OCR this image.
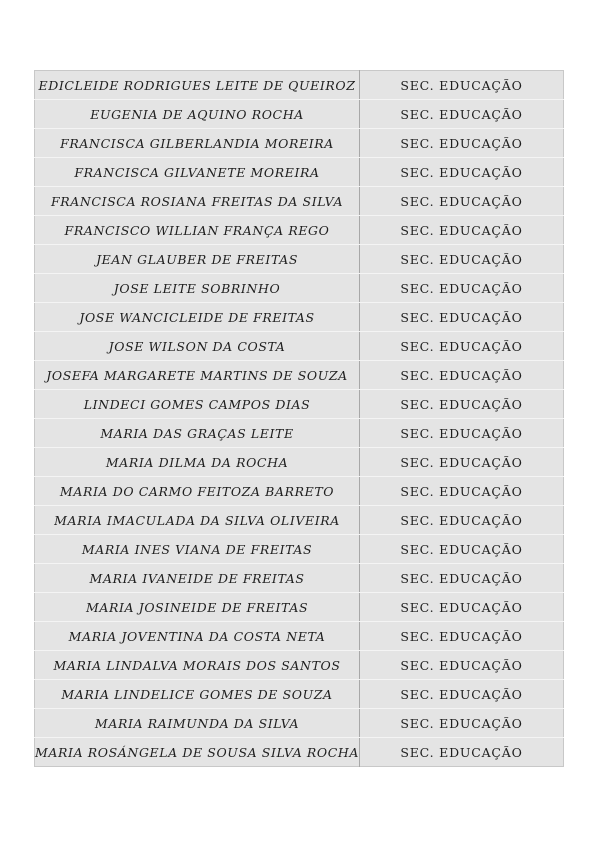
EDICLEIDE RODRIGUES LEITE DE QUEIROZ	SEC. EDUCAÇÃO
EUGENIA DE AQUINO ROCHA	SEC. EDUCAÇÃO
FRANCISCA GILBERLANDIA MOREIRA	SEC. EDUCAÇÃO
FRANCISCA GILVANETE MOREIRA	SEC. EDUCAÇÃO
FRANCISCA ROSIANA FREITAS DA SILVA	SEC. EDUCAÇÃO
FRANCISCO WILLIAN FRANÇA REGO	SEC. EDUCAÇÃO
JEAN GLAUBER DE FREITAS	SEC. EDUCAÇÃO
JOSE LEITE SOBRINHO	SEC. EDUCAÇÃO
JOSE WANCICLEIDE DE FREITAS	SEC. EDUCAÇÃO
JOSE WILSON DA COSTA	SEC. EDUCAÇÃO
JOSEFA MARGARETE MARTINS DE SOUZA	SEC. EDUCAÇÃO
LINDECI GOMES CAMPOS DIAS	SEC. EDUCAÇÃO
MARIA DAS GRAÇAS LEITE	SEC. EDUCAÇÃO
MARIA DILMA DA ROCHA	SEC. EDUCAÇÃO
MARIA DO CARMO FEITOZA BARRETO	SEC. EDUCAÇÃO
MARIA IMACULADA DA SILVA OLIVEIRA	SEC. EDUCAÇÃO
MARIA INES VIANA DE FREITAS	SEC. EDUCAÇÃO
MARIA IVANEIDE DE FREITAS	SEC. EDUCAÇÃO
MARIA JOSINEIDE DE FREITAS	SEC. EDUCAÇÃO
MARIA JOVENTINA DA COSTA NETA	SEC. EDUCAÇÃO
MARIA LINDALVA MORAIS DOS SANTOS	SEC. EDUCAÇÃO
MARIA LINDELICE GOMES DE SOUZA	SEC. EDUCAÇÃO
MARIA RAIMUNDA DA SILVA	SEC. EDUCAÇÃO
MARIA ROSÁNGELA DE SOUSA SILVA ROCHA	SEC. EDUCAÇÃO
